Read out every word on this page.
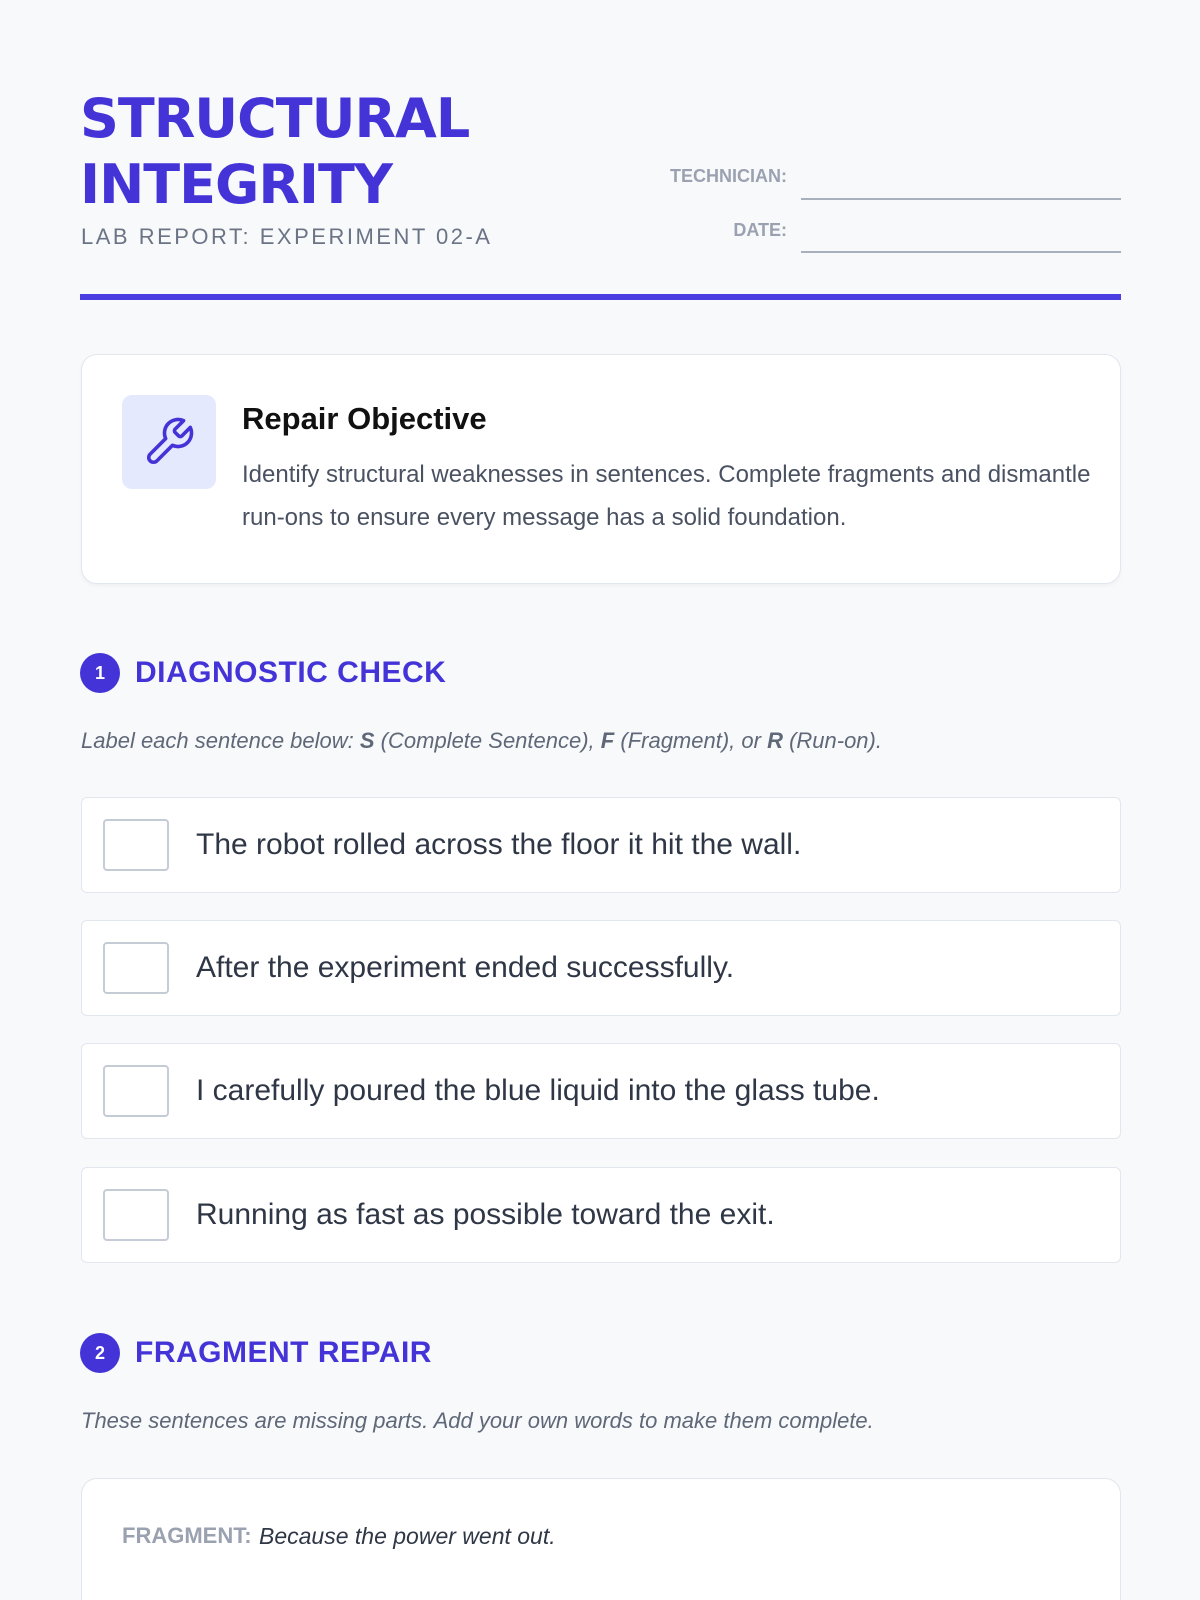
STRUCTURAL
INTEGRITY
LAB REPORT: EXPERIMENT 02-A
TECHNICIAN:
DATE:
Repair Objective
Identify structural weaknesses in sentences. Complete fragments and dismantle run-ons to ensure every message has a solid foundation.
1	DIAGNOSTIC CHECK
Label each sentence below: S (Complete Sentence), F (Fragment), or R (Run-on).
The robot rolled across the floor it hit the wall.
After the experiment ended successfully.
I carefully poured the blue liquid into the glass tube.
Running as fast as possible toward the exit.
2	FRAGMENT REPAIR
These sentences are missing parts. Add your own words to make them complete.
FRAGMENT: Because the power went out.
